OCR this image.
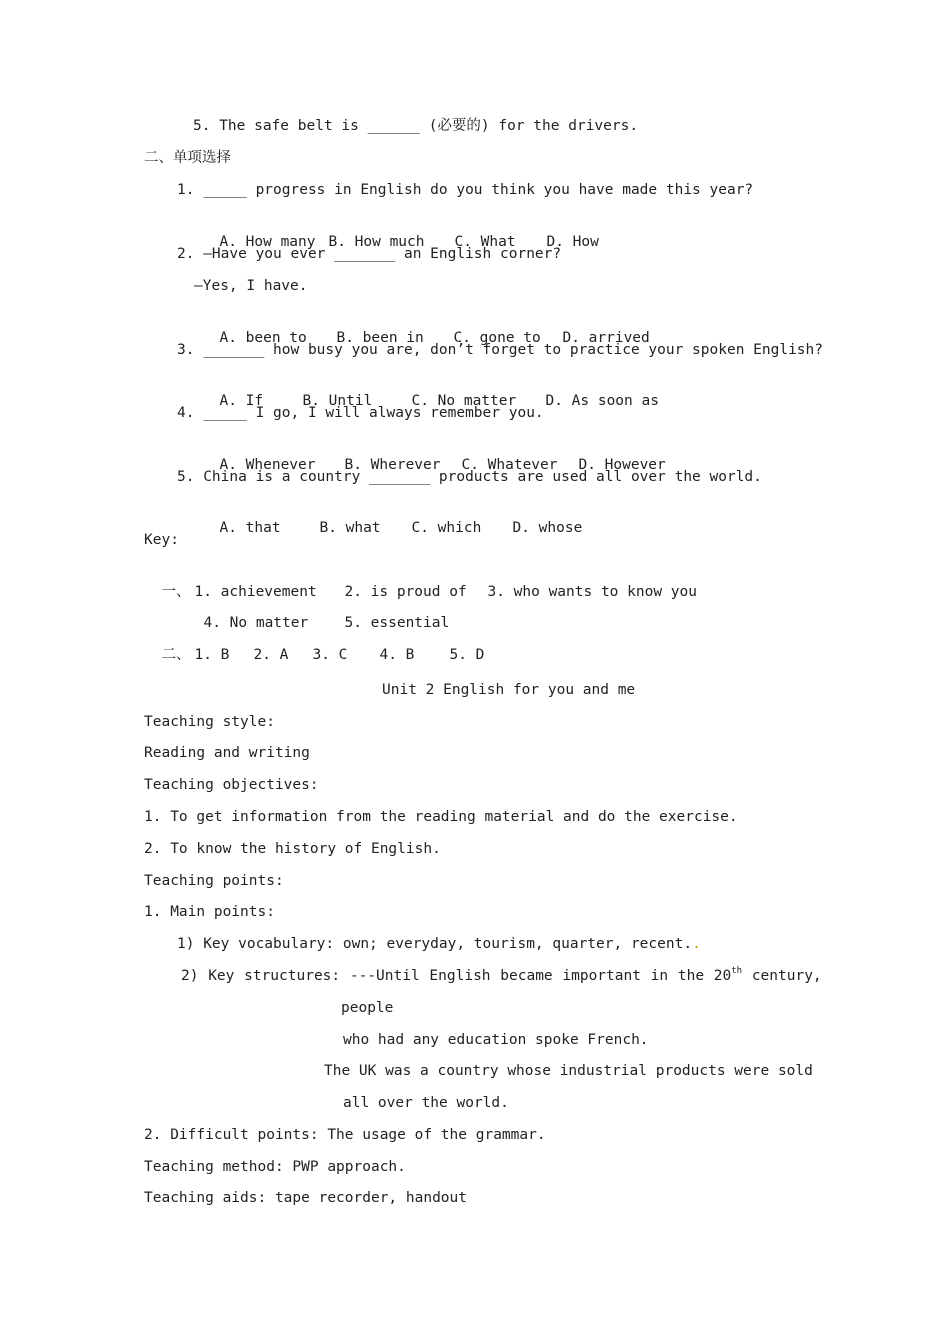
5. The safe belt is ______ (必要的) for the drivers.
二、单项选择
1. _____ progress in English do you think you have made this year?

A. How many B. How much C. What D. How

2. —Have you ever _______ an English corner?
—Yes, I have.

A. been to B. been in C. gone to D. arrived

3. _______ how busy you are, don’t forget to practice your spoken English?

A. If	B. Until	C. No matter D. As soon as

4. _____ I go, I will always remember you.

A. Whenever B. Wherever C. Whatever D. However

5. China is a country _______ products are used all over the world.

A. that	B. what C. which D. whose

Key:

一、 1. achievement 2. is proud of 3. who wants to know you

4. No matter 5. essential

二、 1. B 2. A 3. C 4. B 5. D

Unit 2 English for you and me
Teaching style:
Reading and writing
Teaching objectives:
1. To get information from the reading material and do the exercise.
2. To know the history of English.
Teaching points:
1. Main points:
1) Key vocabulary: own; everyday, tourism, quarter, recent..
2) Key structures: ---Until English became important in the 20th century,
people
who had any education spoke French.
The UK was a country whose industrial products were sold
all over the world.
2. Difficult points: The usage of the grammar.
Teaching method: PWP approach.
Teaching aids: tape recorder, handout
